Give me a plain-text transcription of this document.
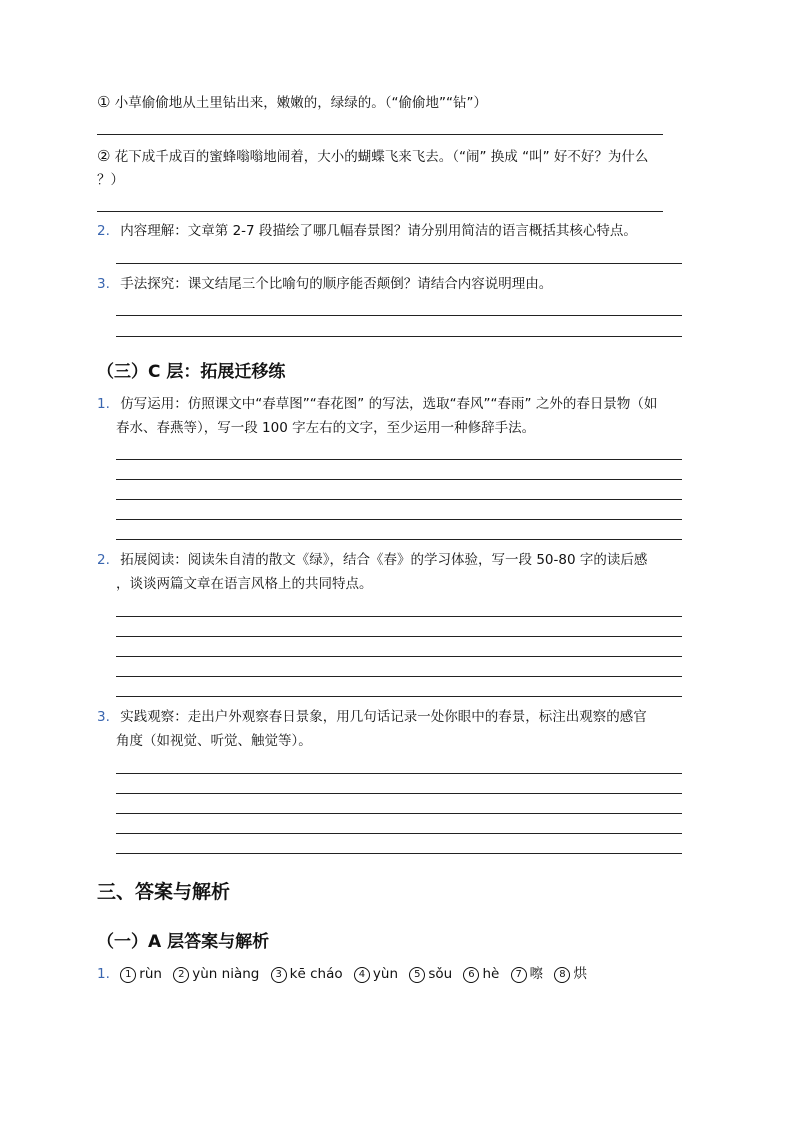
① 小草偷偷地从土里钻出来，嫩嫩的，绿绿的。（“偷偷地”“钻”）
② 花下成千成百的蜜蜂嗡嗡地闹着，大小的蝴蝶飞来飞去。（“闹” 换成 “叫” 好不好？为什么
？）
2. 内容理解：文章第 2-7 段描绘了哪几幅春景图？请分别用简洁的语言概括其核心特点。
3. 手法探究：课文结尾三个比喻句的顺序能否颠倒？请结合内容说明理由。
（三）C 层：拓展迁移练
1. 仿写运用：仿照课文中“春草图”“春花图” 的写法，选取“春风”“春雨” 之外的春日景物（如
春水、春燕等），写一段 100 字左右的文字，至少运用一种修辞手法。
2. 拓展阅读：阅读朱自清的散文《绿》，结合《春》的学习体验，写一段 50-80 字的读后感
，谈谈两篇文章在语言风格上的共同特点。
3. 实践观察：走出户外观察春日景象，用几句话记录一处你眼中的春景，标注出观察的感官
角度（如视觉、听觉、触觉等）。
三、答案与解析
（一）A 层答案与解析
1. 1 rùn 2 yùn niàng 3 kē cháo 4 yùn 5 sǒu 6 hè 7 嚓 8 烘
